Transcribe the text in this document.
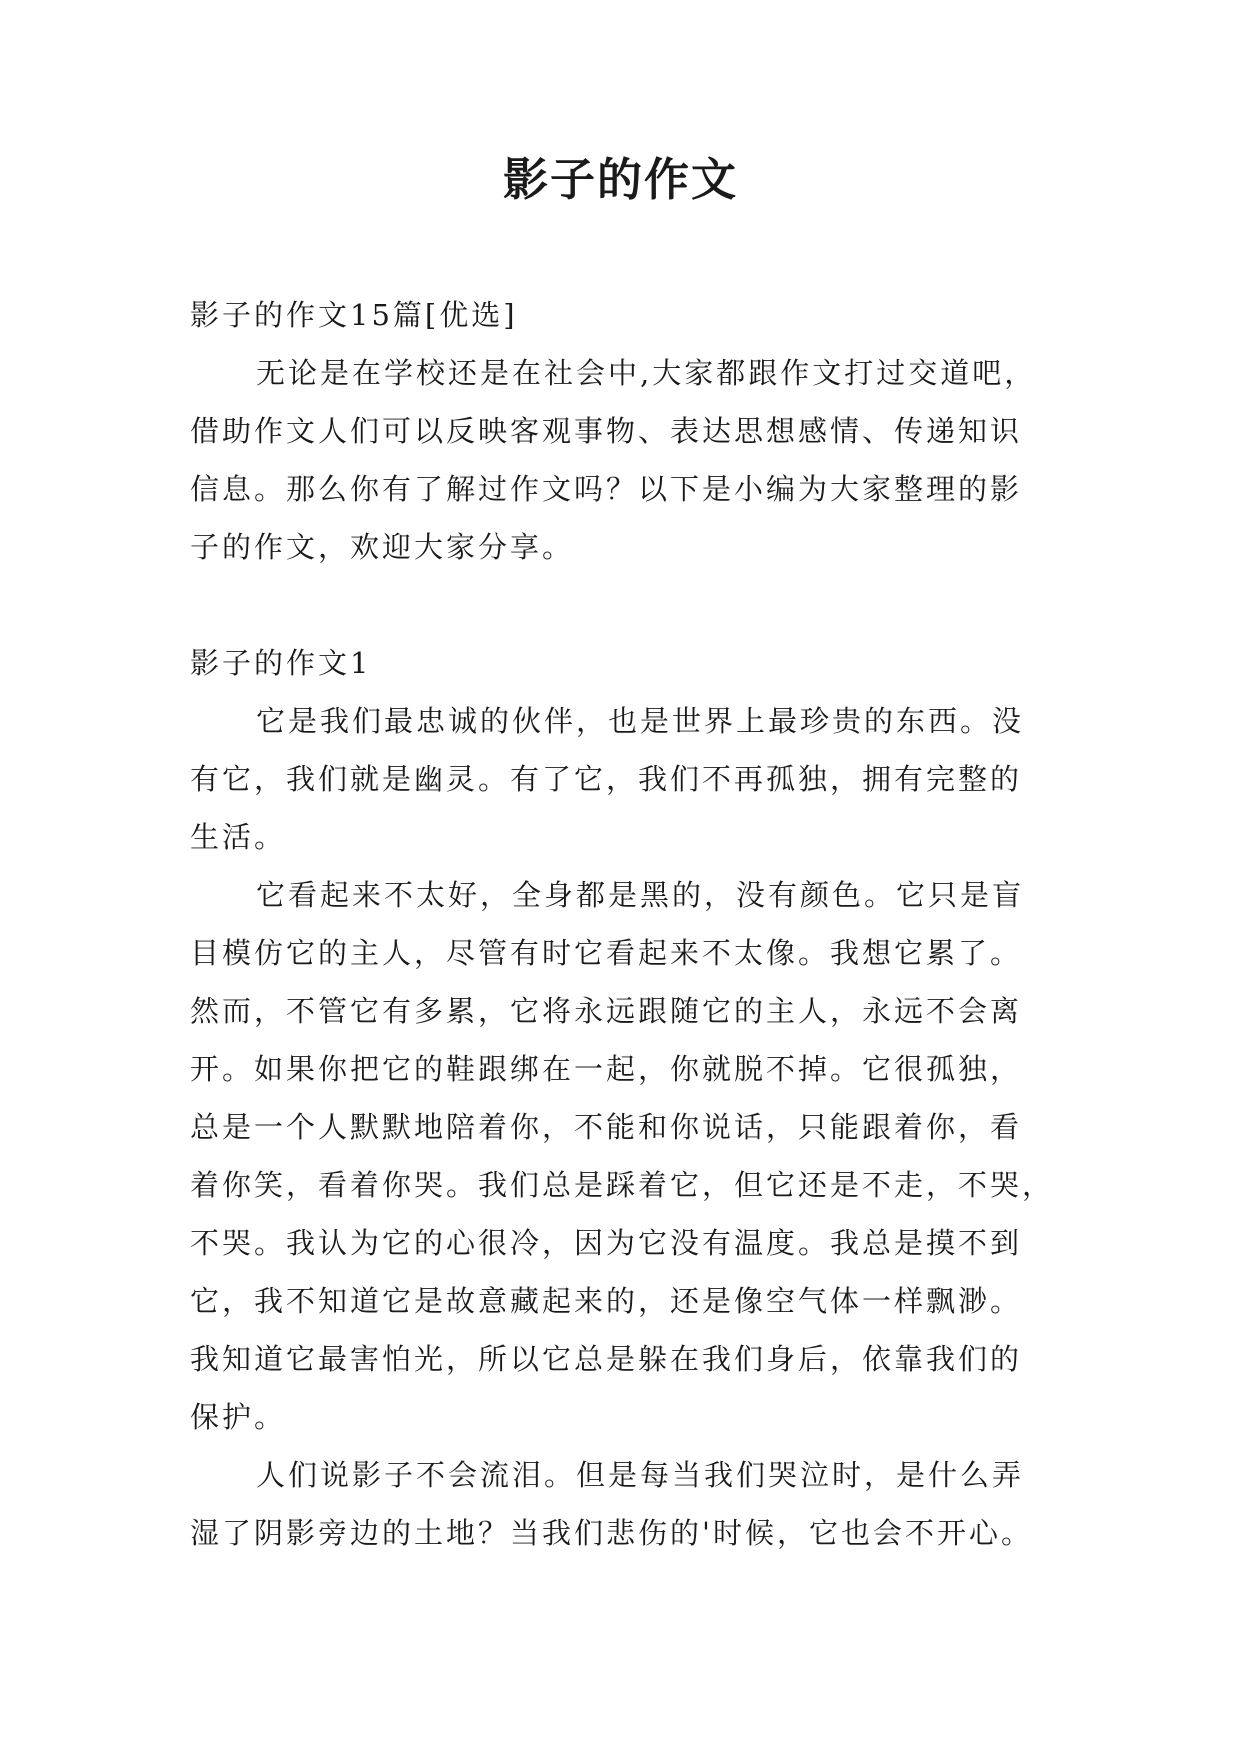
影子的作文
影子的作文15篇[优选]
无论是在学校还是在社会中,大家都跟作文打过交道吧，
借助作文人们可以反映客观事物、表达思想感情、传递知识
信息。那么你有了解过作文吗？以下是小编为大家整理的影
子的作文，欢迎大家分享。
影子的作文1
它是我们最忠诚的伙伴，也是世界上最珍贵的东西。没
有它，我们就是幽灵。有了它，我们不再孤独，拥有完整的
生活。
它看起来不太好，全身都是黑的，没有颜色。它只是盲
目模仿它的主人，尽管有时它看起来不太像。我想它累了。
然而，不管它有多累，它将永远跟随它的主人，永远不会离
开。如果你把它的鞋跟绑在一起，你就脱不掉。它很孤独，
总是一个人默默地陪着你，不能和你说话，只能跟着你，看
着你笑，看着你哭。我们总是踩着它，但它还是不走，不哭，
不哭。我认为它的心很冷，因为它没有温度。我总是摸不到
它，我不知道它是故意藏起来的，还是像空气体一样飘渺。
我知道它最害怕光，所以它总是躲在我们身后，依靠我们的
保护。
人们说影子不会流泪。但是每当我们哭泣时，是什么弄
湿了阴影旁边的土地？当我们悲伤的'时候，它也会不开心。
